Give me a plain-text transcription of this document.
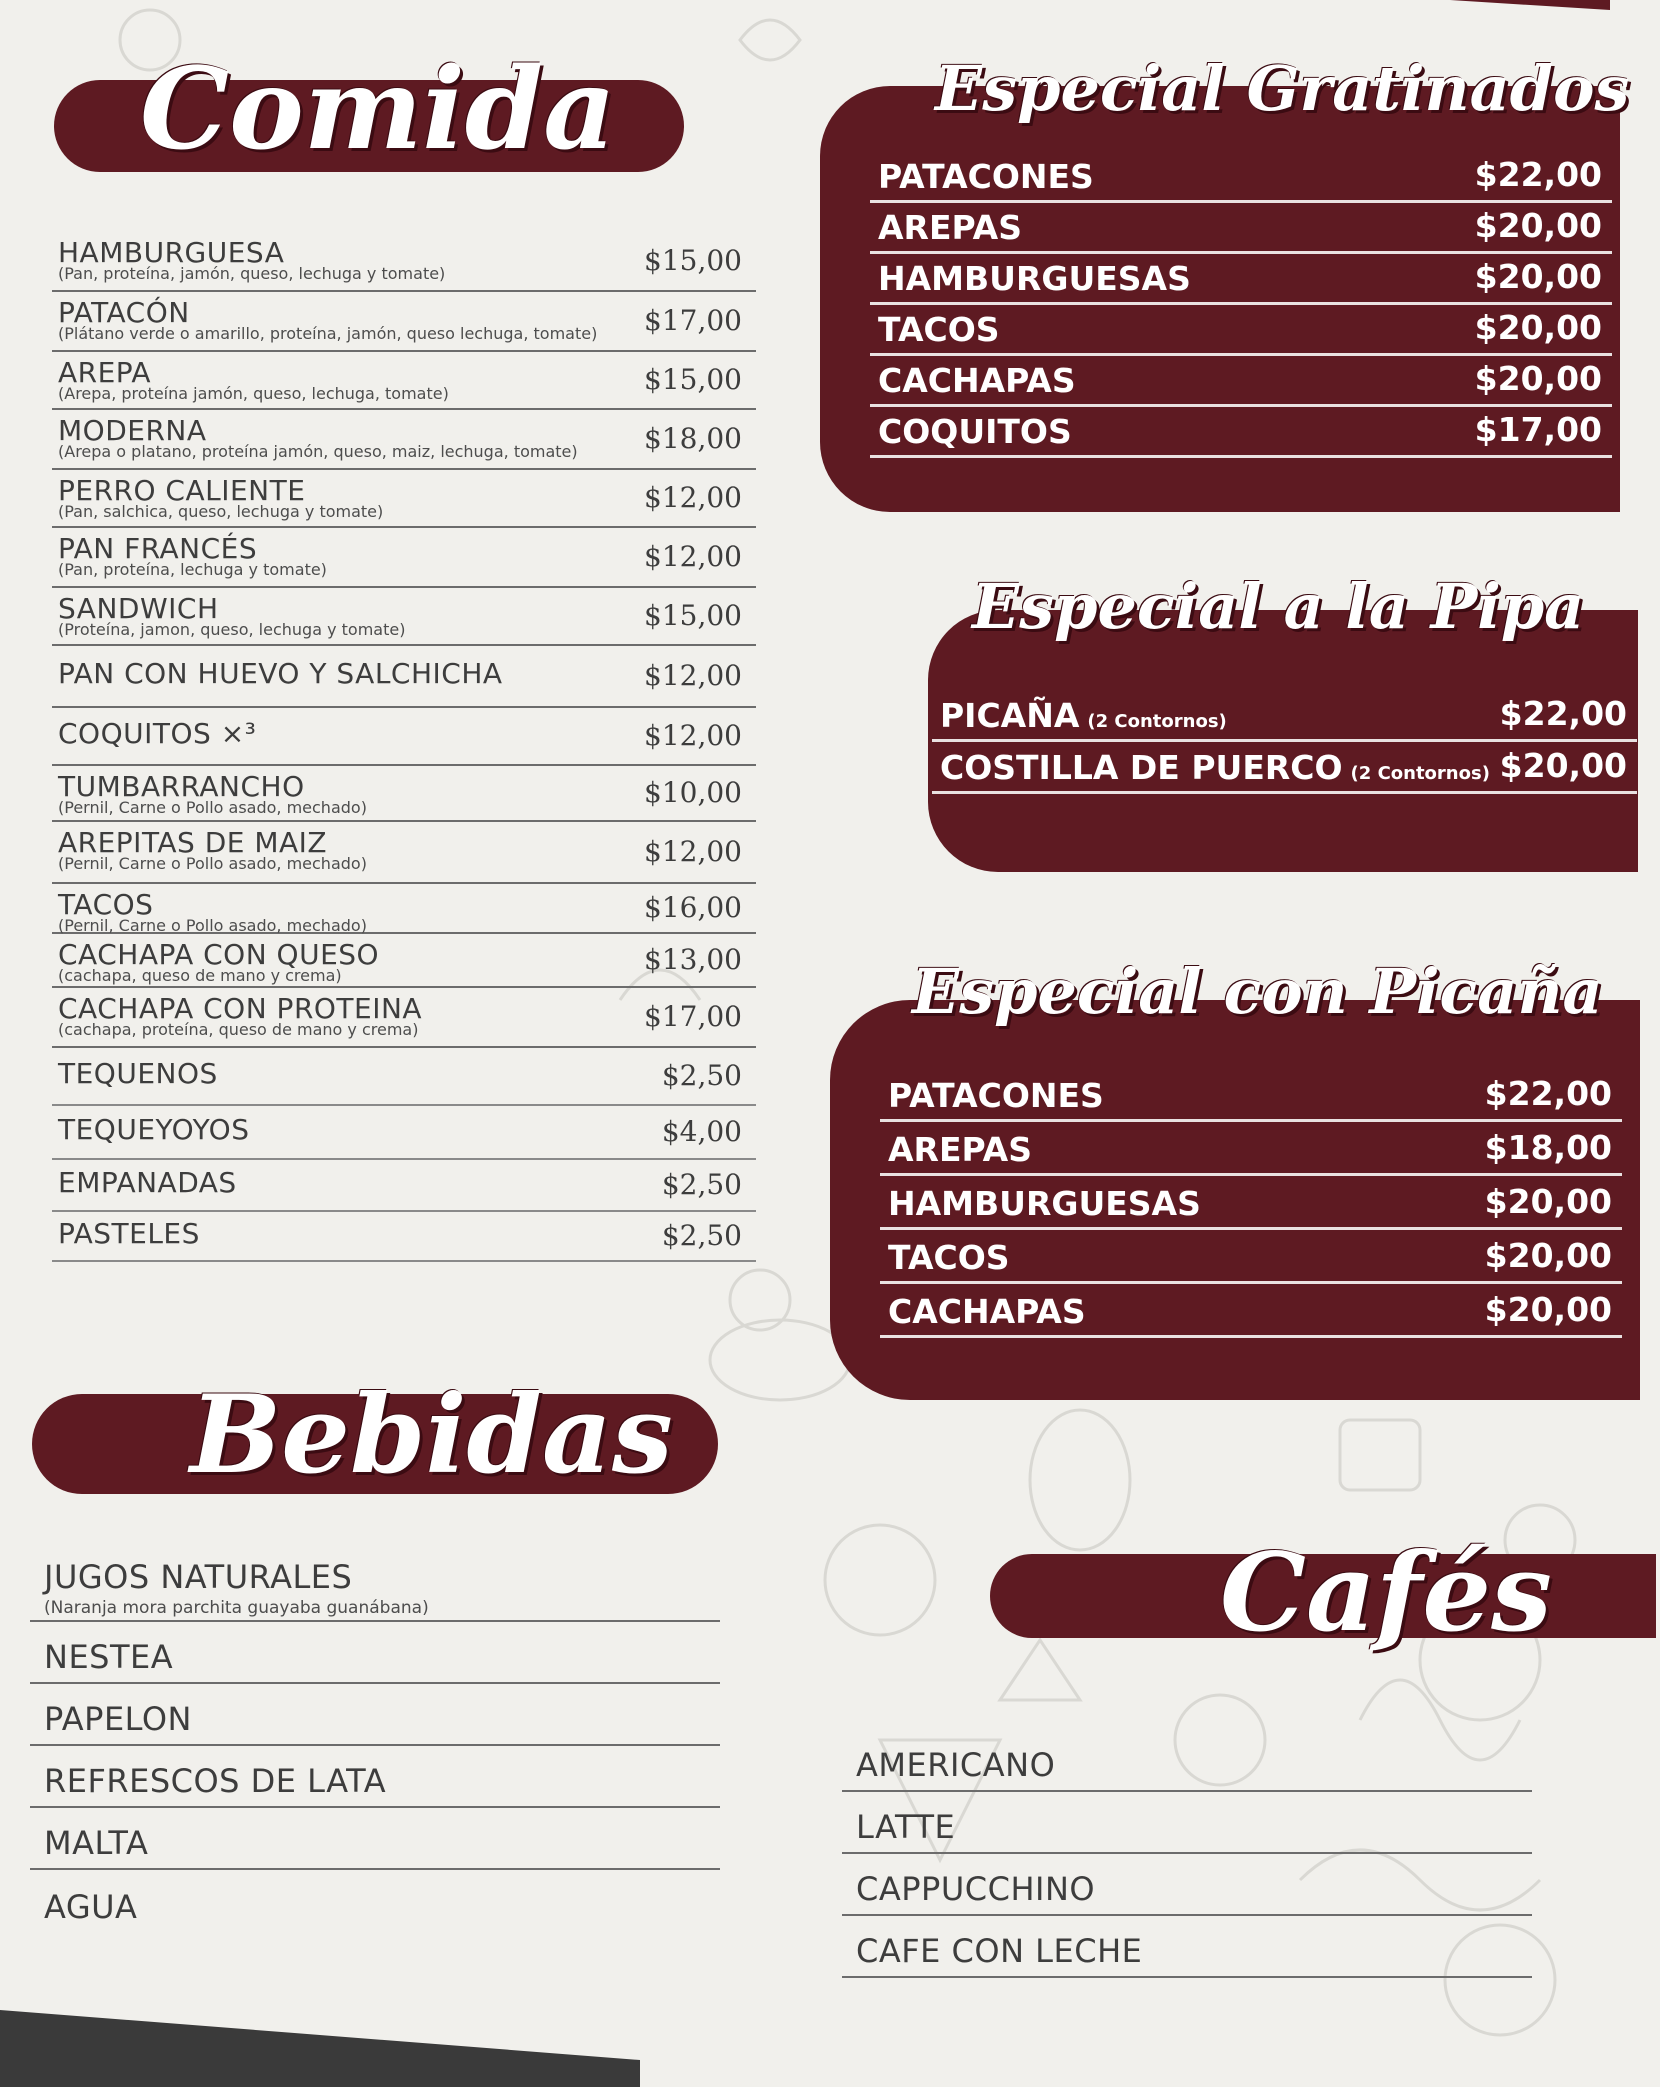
Comida
HAMBURGUESA
(Pan, proteína, jamón, queso, lechuga y tomate)	$15,00
PATACÓN
(Plátano verde o amarillo, proteína, jamón, queso lechuga, tomate) $17,00
AREPA
(Arepa, proteína jamón, queso, lechuga, tomate)	$15,00
MODERNA
(Arepa o platano, proteína jamón, queso, maiz, lechuga, tomate) $18,00
PERRO CALIENTE
(Pan, salchica, queso, lechuga y tomate)	$12,00
PAN FRANCÉS
(Pan, proteína, lechuga y tomate)	$12,00
SANDWICH
(Proteína, jamon, queso, lechuga y tomate)	$15,00
PAN CON HUEVO Y SALCHICHA	$12,00
COQUITOS ×³	$12,00
TUMBARRANCHO
(Pernil, Carne o Pollo asado, mechado)	$10,00
AREPITAS DE MAIZ
(Pernil, Carne o Pollo asado, mechado)	$12,00
TACOS
(Pernil, Carne o Pollo asado, mechado)
$16,00
CACHAPA CON QUESO
(cachapa, queso de mano y crema)	$13,00
CACHAPA CON PROTEINA
(cachapa, proteína, queso de mano y crema)	$17,00
TEQUENOS	$2,50
TEQUEYOYOS	$4,00
EMPANADAS	$2,50
PASTELES	$2,50
Especial Gratinados
PATACONES	$22,00
AREPAS	$20,00
HAMBURGUESAS	$20,00
TACOS	$20,00
CACHAPAS	$20,00
COQUITOS	$17,00
Especial a la Pipa
PICAÑA (2 Contornos)	$22,00
COSTILLA DE PUERCO (2 Contornos) $20,00
Especial con Picaña
PATACONES	$22,00
AREPAS	$18,00
HAMBURGUESAS	$20,00
TACOS	$20,00
CACHAPAS	$20,00
Bebidas
JUGOS NATURALES
(Naranja mora parchita guayaba guanábana)
NESTEA
PAPELON
REFRESCOS DE LATA
MALTA
AGUA
Cafés
AMERICANO
LATTE
CAPPUCCHINO
CAFE CON LECHE
